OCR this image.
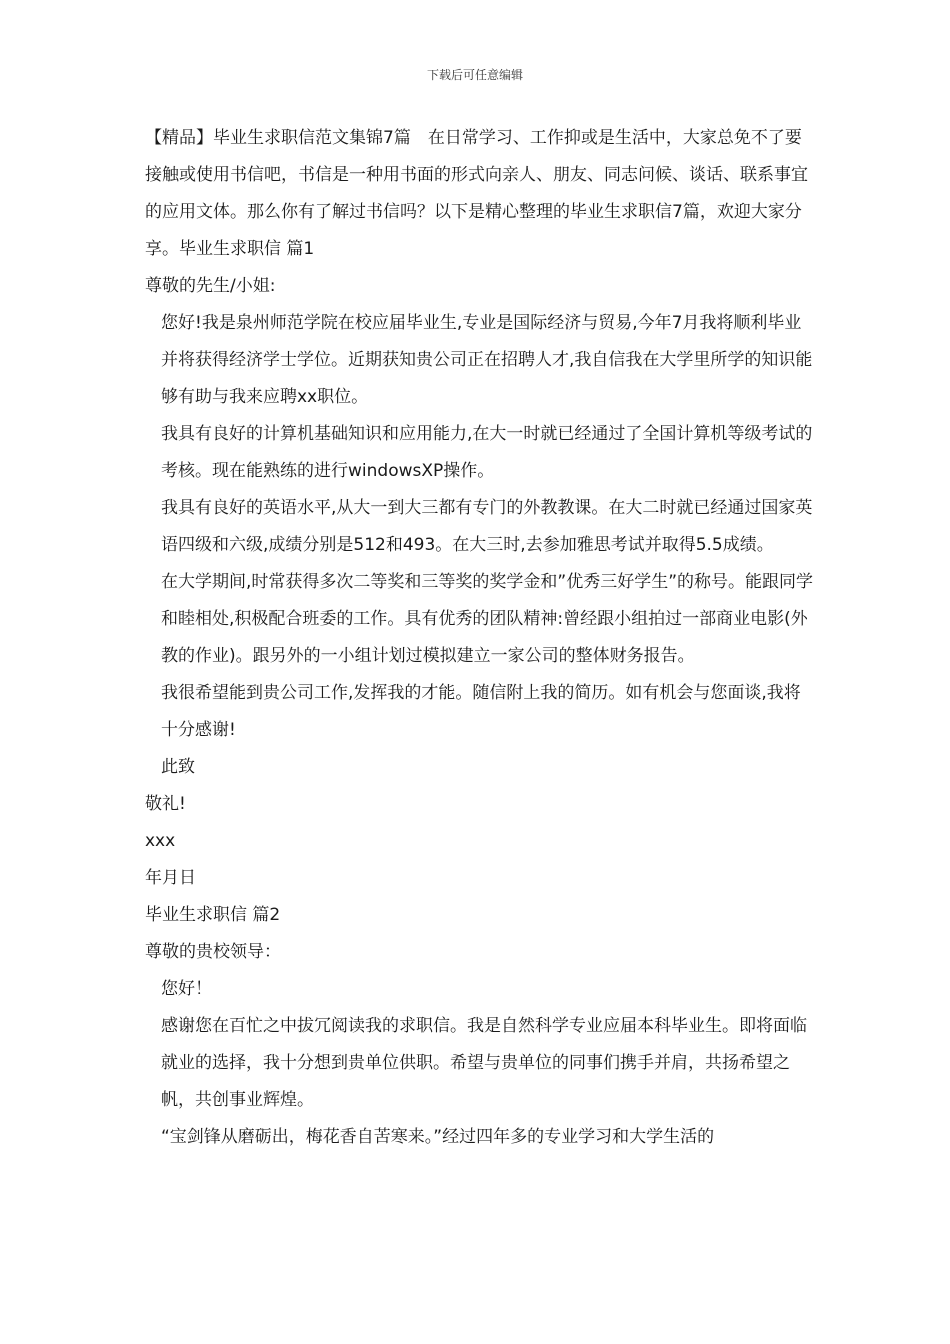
下载后可任意编辑

【精品】毕业生求职信范文集锦7篇　在日常学习、工作抑或是生活中，大家总免不了要接触或使用书信吧，书信是一种用书面的形式向亲人、朋友、同志问候、谈话、联系事宜的应用文体。那么你有了解过书信吗？以下是精心整理的毕业生求职信7篇，欢迎大家分享。毕业生求职信 篇1

尊敬的先生/小姐:

您好!我是泉州师范学院在校应届毕业生,专业是国际经济与贸易,今年7月我将顺利毕业并将获得经济学士学位。近期获知贵公司正在招聘人才,我自信我在大学里所学的知识能够有助与我来应聘xx职位。

我具有良好的计算机基础知识和应用能力,在大一时就已经通过了全国计算机等级考试的考核。现在能熟练的进行windowsXP操作。

我具有良好的英语水平,从大一到大三都有专门的外教教课。在大二时就已经通过国家英语四级和六级,成绩分别是512和493。在大三时,去参加雅思考试并取得5.5成绩。

在大学期间,时常获得多次二等奖和三等奖的奖学金和”优秀三好学生”的称号。能跟同学和睦相处,积极配合班委的工作。具有优秀的团队精神:曾经跟小组拍过一部商业电影(外教的作业)。跟另外的一小组计划过模拟建立一家公司的整体财务报告。

我很希望能到贵公司工作,发挥我的才能。随信附上我的简历。如有机会与您面谈,我将十分感谢!

此致

敬礼!

xxx

年月日

毕业生求职信 篇2

尊敬的贵校领导：

您好！

感谢您在百忙之中拔冗阅读我的求职信。我是自然科学专业应届本科毕业生。即将面临就业的选择，我十分想到贵单位供职。希望与贵单位的同事们携手并肩，共扬希望之帆，共创事业辉煌。

“宝剑锋从磨砺出，梅花香自苦寒来。”经过四年多的专业学习和大学生活的
